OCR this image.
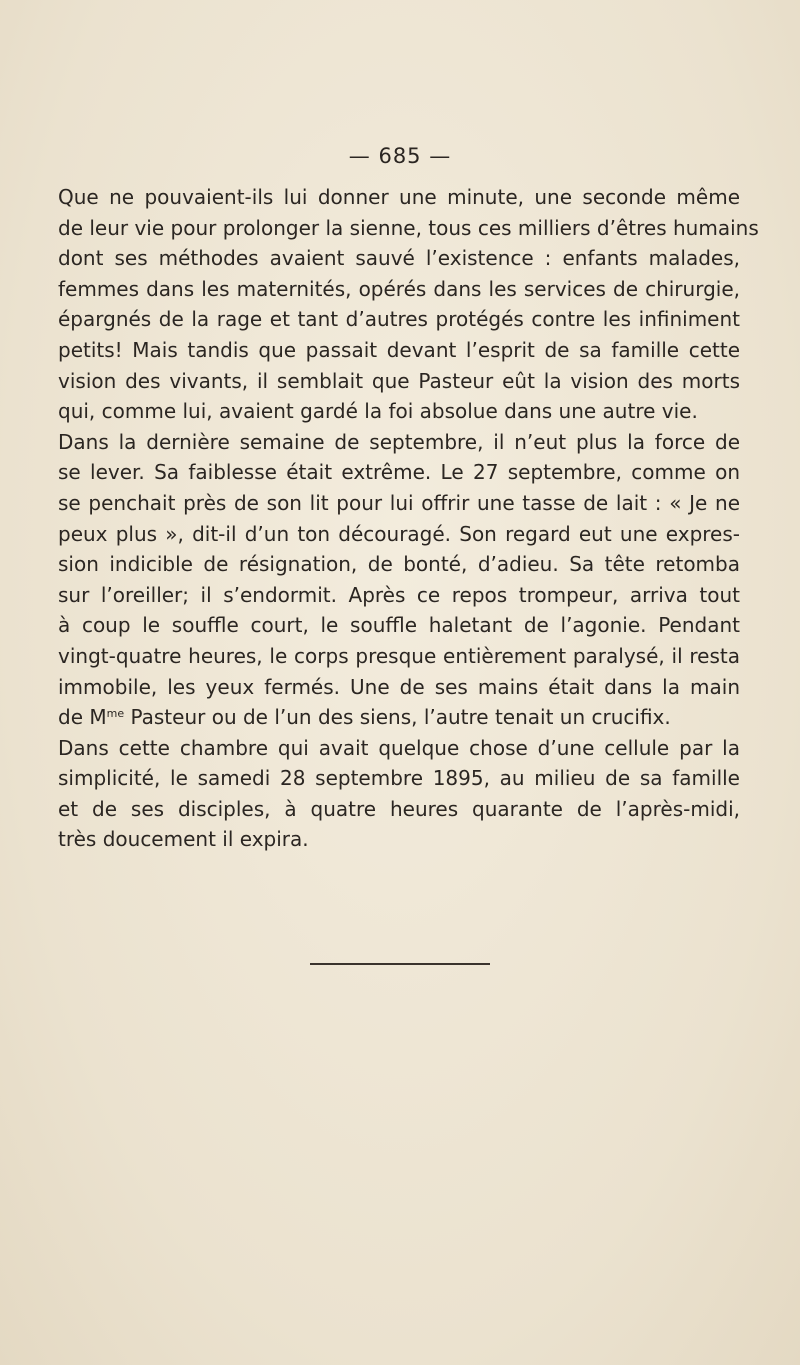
— 685 —
Que ne pouvaient-ils lui donner une minute, une seconde même
de leur vie pour prolonger la sienne, tous ces milliers d’êtres humains
dont ses méthodes avaient sauvé l’existence : enfants malades,
femmes dans les maternités, opérés dans les services de chirurgie,
épargnés de la rage et tant d’autres protégés contre les infiniment
petits! Mais tandis que passait devant l’esprit de sa famille cette
vision des vivants, il semblait que Pasteur eût la vision des morts
qui, comme lui, avaient gardé la foi absolue dans une autre vie.
Dans la dernière semaine de septembre, il n’eut plus la force de
se lever. Sa faiblesse était extrême. Le 27 septembre, comme on
se penchait près de son lit pour lui offrir une tasse de lait : « Je ne
peux plus », dit-il d’un ton découragé. Son regard eut une expres-
sion indicible de résignation, de bonté, d’adieu. Sa tête retomba
sur l’oreiller; il s’endormit. Après ce repos trompeur, arriva tout
à coup le souffle court, le souffle haletant de l’agonie. Pendant
vingt-quatre heures, le corps presque entièrement paralysé, il resta
immobile, les yeux fermés. Une de ses mains était dans la main
de $M^{me}$ Pasteur ou de l’un des siens, l’autre tenait un crucifix.
Dans cette chambre qui avait quelque chose d’une cellule par la
simplicité, le samedi 28 septembre 1895, au milieu de sa famille
et de ses disciples, à quatre heures quarante de l’après-midi,
très doucement il expira.
